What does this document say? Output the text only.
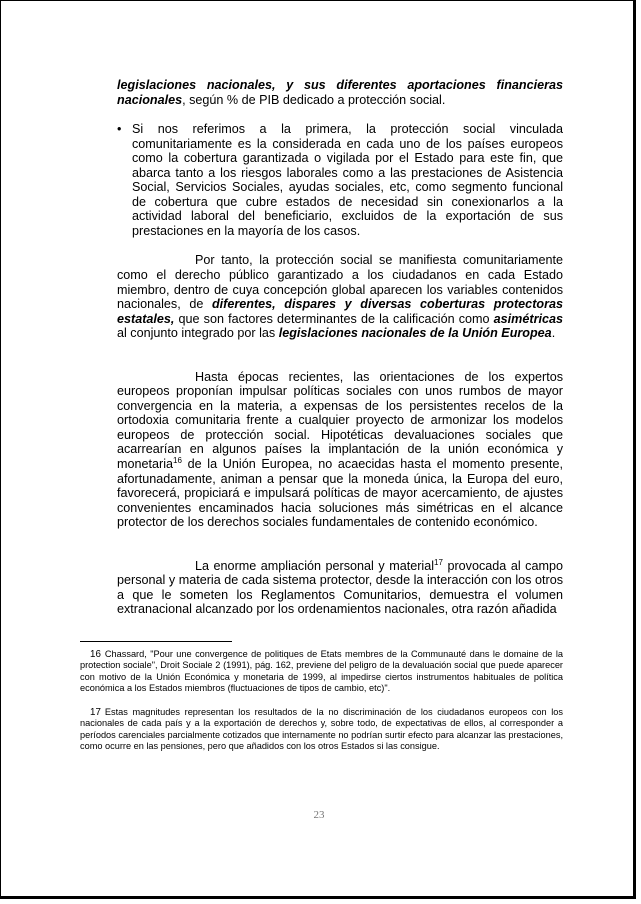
legislaciones nacionales, y sus diferentes aportaciones financieras nacionales, según % de PIB dedicado a protección social.

• Si nos referimos a la primera, la protección social vinculada comunitariamente es la considerada en cada uno de los países europeos como la cobertura garantizada o vigilada por el Estado para este fin, que abarca tanto a los riesgos laborales como a las prestaciones de Asistencia Social, Servicios Sociales, ayudas sociales, etc, como segmento funcional de cobertura que cubre estados de necesidad sin conexionarlos a la actividad laboral del beneficiario, excluidos de la exportación de sus prestaciones en la mayoría de los casos.

Por tanto, la protección social se manifiesta comunitariamente como el derecho público garantizado a los ciudadanos en cada Estado miembro, dentro de cuya concepción global aparecen los variables contenidos nacionales, de diferentes, dispares y diversas coberturas protectoras estatales, que son factores determinantes de la calificación como asimétricas al conjunto integrado por las legislaciones nacionales de la Unión Europea.

Hasta épocas recientes, las orientaciones de los expertos europeos proponían impulsar políticas sociales con unos rumbos de mayor convergencia en la materia, a expensas de los persistentes recelos de la ortodoxia comunitaria frente a cualquier proyecto de armonizar los modelos europeos de protección social. Hipotéticas devaluaciones sociales que acarrearían en algunos países la implantación de la unión económica y monetaria$^{16}$ de la Unión Europea, no acaecidas hasta el momento presente, afortunadamente, animan a pensar que la moneda única, la Europa del euro, favorecerá, propiciará e impulsará políticas de mayor acercamiento, de ajustes convenientes encaminados hacia soluciones más simétricas en el alcance protector de los derechos sociales fundamentales de contenido económico.

La enorme ampliación personal y material$^{17}$ provocada al campo personal y materia de cada sistema protector, desde la interacción con los otros a que le someten los Reglamentos Comunitarios, demuestra el volumen extranacional alcanzado por los ordenamientos nacionales, otra razón añadida

16 Chassard, "Pour une convergence de politiques de Etats membres de la Communauté dans le domaine de la protection sociale", Droit Sociale 2 (1991), pág. 162, previene del peligro de la devaluación social que puede aparecer con motivo de la Unión Económica y monetaria de 1999, al impedirse ciertos instrumentos habituales de política económica a los Estados miembros (fluctuaciones de tipos de cambio, etc)".

17 Estas magnitudes representan los resultados de la no discriminación de los ciudadanos europeos con los nacionales de cada país y a la exportación de derechos y, sobre todo, de expectativas de ellos, al corresponder a períodos carenciales parcialmente cotizados que internamente no podrían surtir efecto para alcanzar las prestaciones, como ocurre en las pensiones, pero que añadidos con los otros Estados si las consigue.

23
